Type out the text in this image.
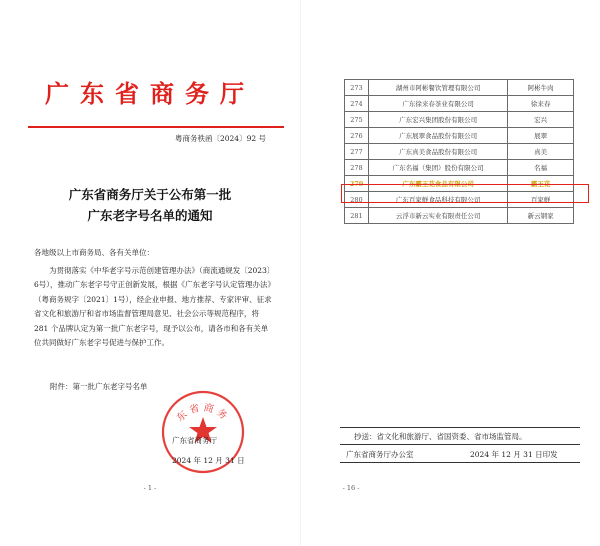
广东省商务厅
粤商务秩函〔2024〕92 号
广东省商务厅关于公布第一批
广东老字号名单的通知
各地级以上市商务局、各有关单位：
为贯彻落实《中华老字号示范创建管理办法》（商流通规发〔2023〕6号），推动广东老字号守正创新发展，根据《广东老字号认定管理办法》（粤商务规字〔2021〕1号），经企业申报、地方推荐、专家评审、征求省文化和旅游厅和省市场监督管理局意见、社会公示等规范程序，将 281 个品牌认定为第一批广东老字号，现予以公布，请各市和各有关单位共同做好广东老字号促进与保护工作。
附件：第一批广东老字号名单
东省商务
广东省商务厅
2024 年 12 月 31 日
- 1 -
273	湖州市阿彬餐饮管理有限公司	阿彬牛肉
274	广东徐来春茶业有限公司	徐来春
275	广东宏兴集团股份有限公司	宏兴
276	广东展翠食品股份有限公司	展翠
277	广东真美食品股份有限公司	真美
278	广东名福（集团）股份有限公司	名福
279	广东霸王花食品有限公司	霸王花
280	广东百家鲜食品科技有限公司	百家鲜
281	云浮市新云实业有限责任公司	新云钢家
- 16 -
抄送：省文化和旅游厅、省国资委、省市场监管局。
广东省商务厅办公室	2024 年 12 月 31 日印发
